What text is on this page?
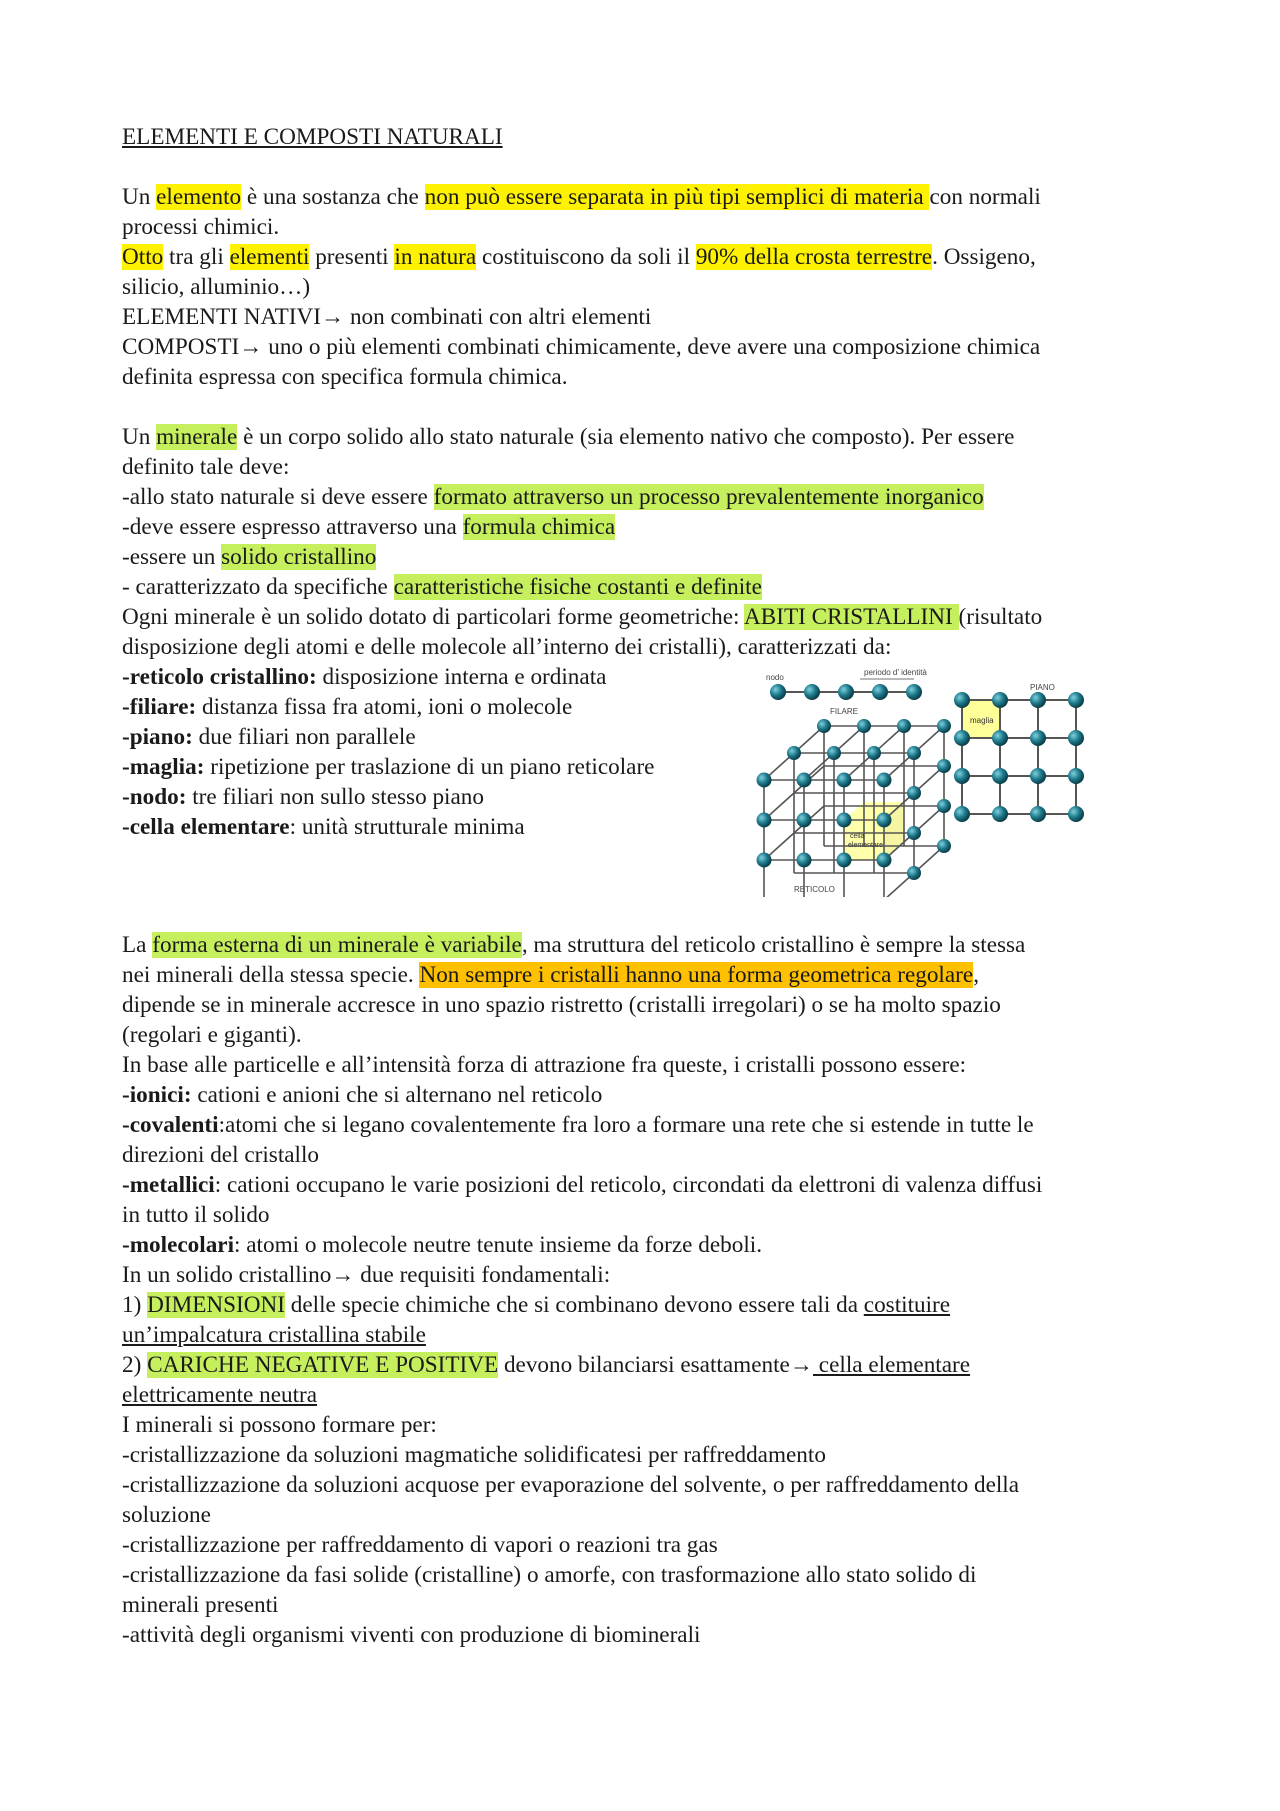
ELEMENTI E COMPOSTI NATURALI
Un elemento è una sostanza che non può essere separata in più tipi semplici di materia con normali
processi chimici.
Otto tra gli elementi presenti in natura costituiscono da soli il 90% della crosta terrestre. Ossigeno,
silicio, alluminio…)
ELEMENTI NATIVI→ non combinati con altri elementi
COMPOSTI→ uno o più elementi combinati chimicamente, deve avere una composizione chimica
definita espressa con specifica formula chimica.
Un minerale è un corpo solido allo stato naturale (sia elemento nativo che composto). Per essere
definito tale deve:
-allo stato naturale si deve essere formato attraverso un processo prevalentemente inorganico
-deve essere espresso attraverso una formula chimica
-essere un solido cristallino
- caratterizzato da specifiche caratteristiche fisiche costanti e definite
Ogni minerale è un solido dotato di particolari forme geometriche: ABITI CRISTALLINI (risultato
disposizione degli atomi e delle molecole all’interno dei cristalli), caratterizzati da:
-reticolo cristallino: disposizione interna e ordinata
-filiare: distanza fissa fra atomi, ioni o molecole
-piano: due filiari non parallele
-maglia: ripetizione per traslazione di un piano reticolare
-nodo: tre filiari non sullo stesso piano
-cella elementare: unità strutturale minima
nodo
periodo d’ identità
FILARE
PIANO
maglia
cella
elementare
RETICOLO
La forma esterna di un minerale è variabile, ma struttura del reticolo cristallino è sempre la stessa
nei minerali della stessa specie. Non sempre i cristalli hanno una forma geometrica regolare,
dipende se in minerale accresce in uno spazio ristretto (cristalli irregolari) o se ha molto spazio
(regolari e giganti).
In base alle particelle e all’intensità forza di attrazione fra queste, i cristalli possono essere:
-ionici: cationi e anioni che si alternano nel reticolo
-covalenti:atomi che si legano covalentemente fra loro a formare una rete che si estende in tutte le
direzioni del cristallo
-metallici: cationi occupano le varie posizioni del reticolo, circondati da elettroni di valenza diffusi
in tutto il solido
-molecolari: atomi o molecole neutre tenute insieme da forze deboli.
In un solido cristallino→ due requisiti fondamentali:
1) DIMENSIONI delle specie chimiche che si combinano devono essere tali da costituire
un’impalcatura cristallina stabile
2) CARICHE NEGATIVE E POSITIVE devono bilanciarsi esattamente→ cella elementare
elettricamente neutra
I minerali si possono formare per:
-cristallizzazione da soluzioni magmatiche solidificatesi per raffreddamento
-cristallizzazione da soluzioni acquose per evaporazione del solvente, o per raffreddamento della
soluzione
-cristallizzazione per raffreddamento di vapori o reazioni tra gas
-cristallizzazione da fasi solide (cristalline) o amorfe, con trasformazione allo stato solido di
minerali presenti
-attività degli organismi viventi con produzione di biominerali
